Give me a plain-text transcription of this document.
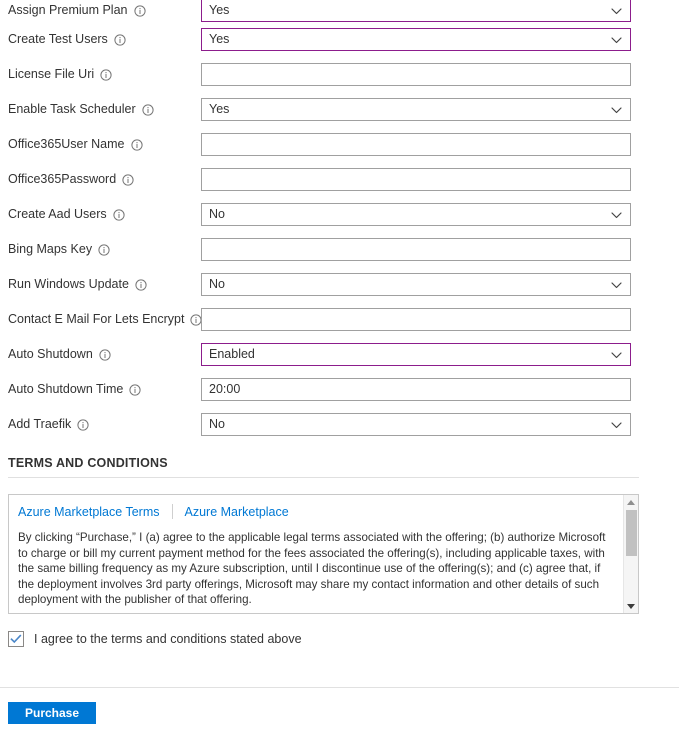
Assign Premium Plan	Yes
Create Test Users	Yes
License File Uri
Enable Task Scheduler	Yes
Office365User Name
Office365Password
Create Aad Users	No
Bing Maps Key
Run Windows Update	No
Contact E Mail For Lets Encrypt
Auto Shutdown	Enabled
Auto Shutdown Time	20:00
Add Traefik	No
TERMS AND CONDITIONS
Azure Marketplace Terms Azure Marketplace
By clicking “Purchase,” I (a) agree to the applicable legal terms associated with the offering; (b) authorize Microsoft to charge or bill my current payment method for the fees associated the offering(s), including applicable taxes, with the same billing frequency as my Azure subscription, until I discontinue use of the offering(s); and (c) agree that, if the deployment involves 3rd party offerings, Microsoft may share my contact information and other details of such deployment with the publisher of that offering.
I agree to the terms and conditions stated above
Purchase
